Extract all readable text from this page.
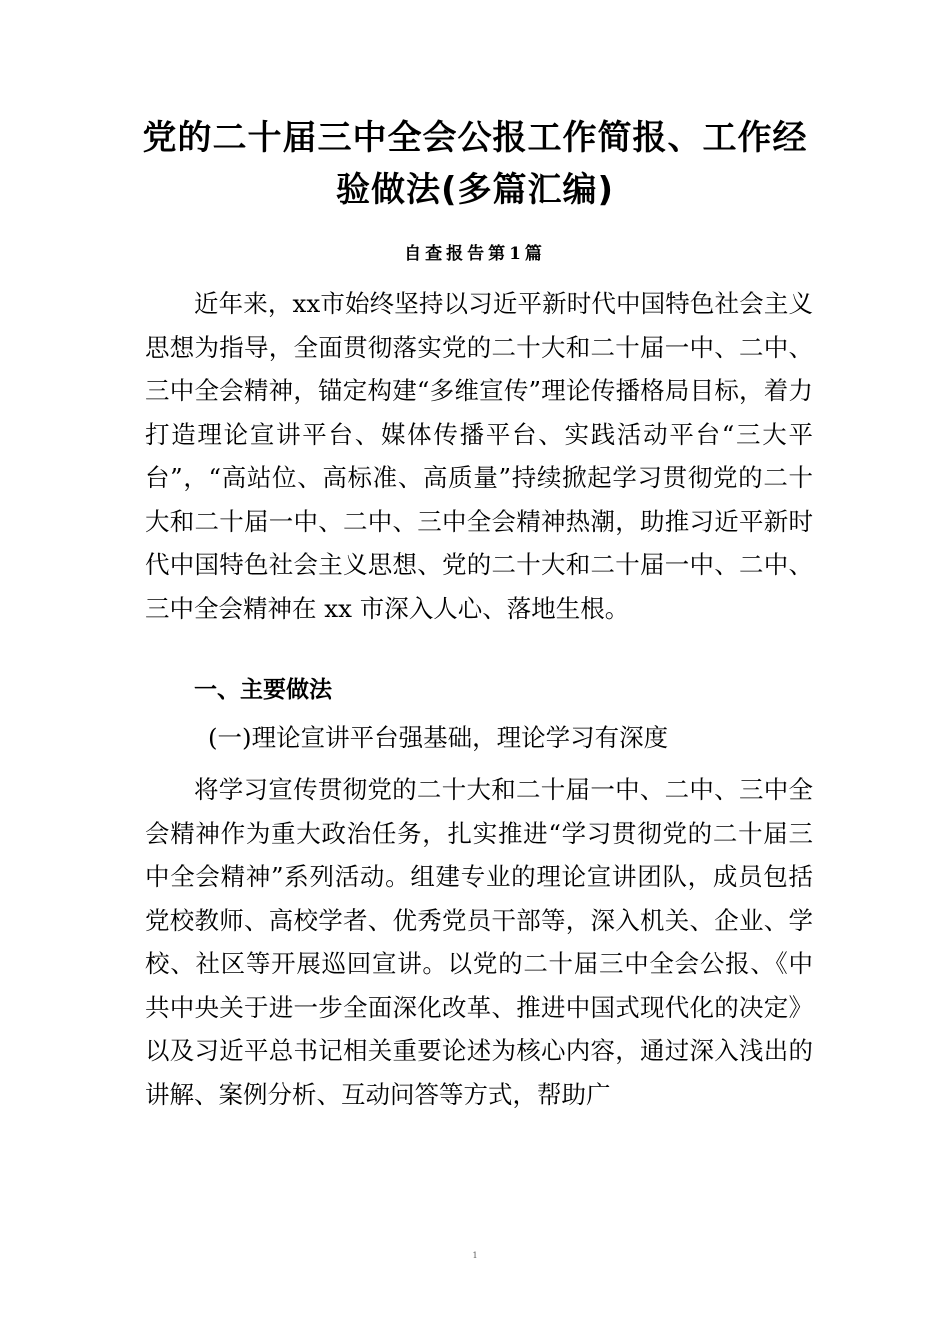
党的二十届三中全会公报工作简报、工作经验做法(多篇汇编)
自查报告第1篇

近年来，xx市始终坚持以习近平新时代中国特色社会主义思想为指导，全面贯彻落实党的二十大和二十届一中、二中、三中全会精神，锚定构建“多维宣传”理论传播格局目标，着力打造理论宣讲平台、媒体传播平台、实践活动平台“三大平台”，“高站位、高标准、高质量”持续掀起学习贯彻党的二十大和二十届一中、二中、三中全会精神热潮，助推习近平新时代中国特色社会主义思想、党的二十大和二十届一中、二中、三中全会精神在 xx 市深入人心、落地生根。

一、主要做法
(一)理论宣讲平台强基础，理论学习有深度

将学习宣传贯彻党的二十大和二十届一中、二中、三中全会精神作为重大政治任务，扎实推进“学习贯彻党的二十届三中全会精神”系列活动。组建专业的理论宣讲团队，成员包括党校教师、高校学者、优秀党员干部等，深入机关、企业、学校、社区等开展巡回宣讲。以党的二十届三中全会公报、《中共中央关于进一步全面深化改革、推进中国式现代化的决定》以及习近平总书记相关重要论述为核心内容，通过深入浅出的讲解、案例分析、互动问答等方式，帮助广

1
